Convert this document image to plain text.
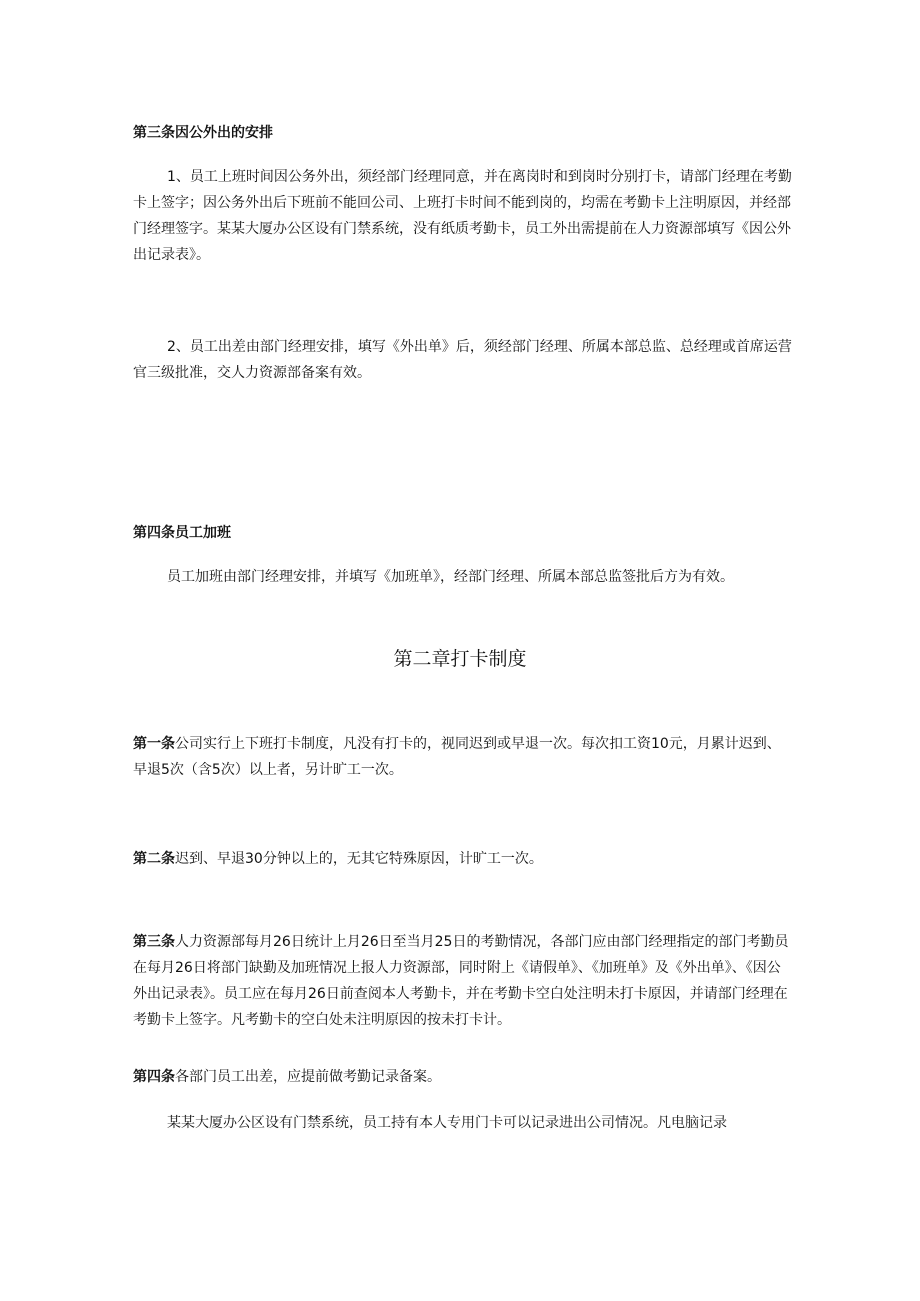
第三条因公外出的安排

1、员工上班时间因公务外出，须经部门经理同意，并在离岗时和到岗时分别打卡，请部门经理在考勤卡上签字；因公务外出后下班前不能回公司、上班打卡时间不能到岗的，均需在考勤卡上注明原因，并经部门经理签字。某某大厦办公区设有门禁系统，没有纸质考勤卡，员工外出需提前在人力资源部填写《因公外出记录表》。

2、员工出差由部门经理安排，填写《外出单》后，须经部门经理、所属本部总监、总经理或首席运营官三级批准，交人力资源部备案有效。

第四条员工加班

员工加班由部门经理安排，并填写《加班单》，经部门经理、所属本部总监签批后方为有效。

第二章打卡制度

第一条公司实行上下班打卡制度，凡没有打卡的，视同迟到或早退一次。每次扣工资10元，月累计迟到、早退5次（含5次）以上者，另计旷工一次。

第二条迟到、早退30分钟以上的，无其它特殊原因，计旷工一次。

第三条人力资源部每月26日统计上月26日至当月25日的考勤情况，各部门应由部门经理指定的部门考勤员在每月26日将部门缺勤及加班情况上报人力资源部，同时附上《请假单》、《加班单》及《外出单》、《因公外出记录表》。员工应在每月26日前查阅本人考勤卡，并在考勤卡空白处注明未打卡原因，并请部门经理在考勤卡上签字。凡考勤卡的空白处未注明原因的按未打卡计。

第四条各部门员工出差，应提前做考勤记录备案。

某某大厦办公区设有门禁系统，员工持有本人专用门卡可以记录进出公司情况。凡电脑记录
